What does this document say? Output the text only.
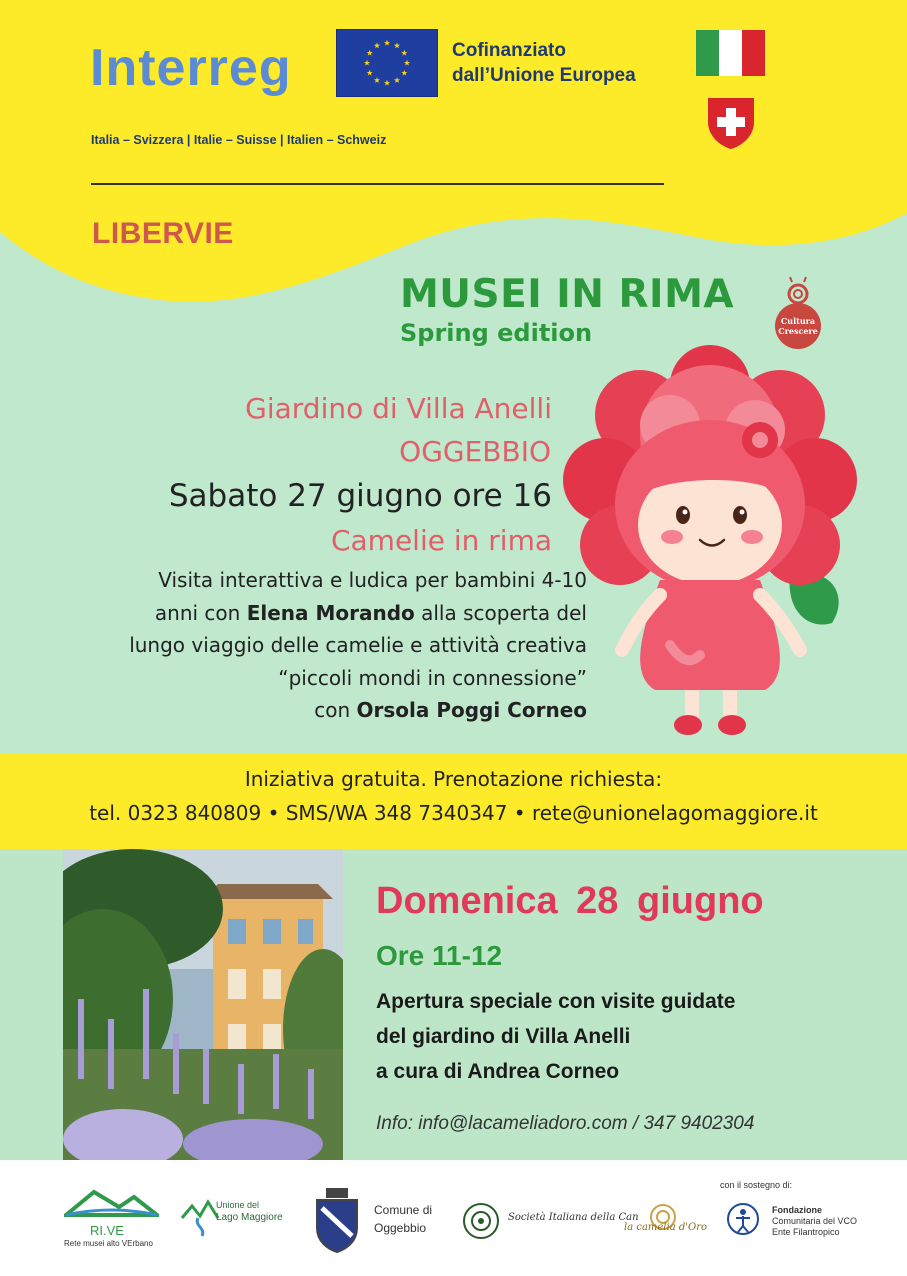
Interreg
Italia – Svizzera | Italie – Suisse | Italien – Schweiz
Cofinanziato
dall’Unione Europea
LIBERVIE
MUSEI IN RIMA
Spring edition	Cultura
Crescere
Giardino di Villa Anelli
OGGEBBIO
Sabato 27 giugno ore 16
Camelie in rima
Visita interattiva e ludica per bambini 4-10
anni con Elena Morando alla scoperta del
lungo viaggio delle camelie e attività creativa
“piccoli mondi in connessione”
con Orsola Poggi Corneo
Iniziativa gratuita. Prenotazione richiesta:
tel. 0323 840809 • SMS/WA 348 7340347 • rete@unionelagomaggiore.it
Domenica 28 giugno
Ore 11-12
Apertura speciale con visite guidate
del giardino di Villa Anelli
a cura di Andrea Corneo
Info: info@lacameliadoro.com / 347 9402304
RI.VE
Rete musei alto VErbano
Unione del
Lago Maggiore
Comune di
Oggebbio
Società Italiana della Can
la camelia d'Oro
con il sostegno di:
Fondazione
Comunitaria del VCO
Ente Filantropico
